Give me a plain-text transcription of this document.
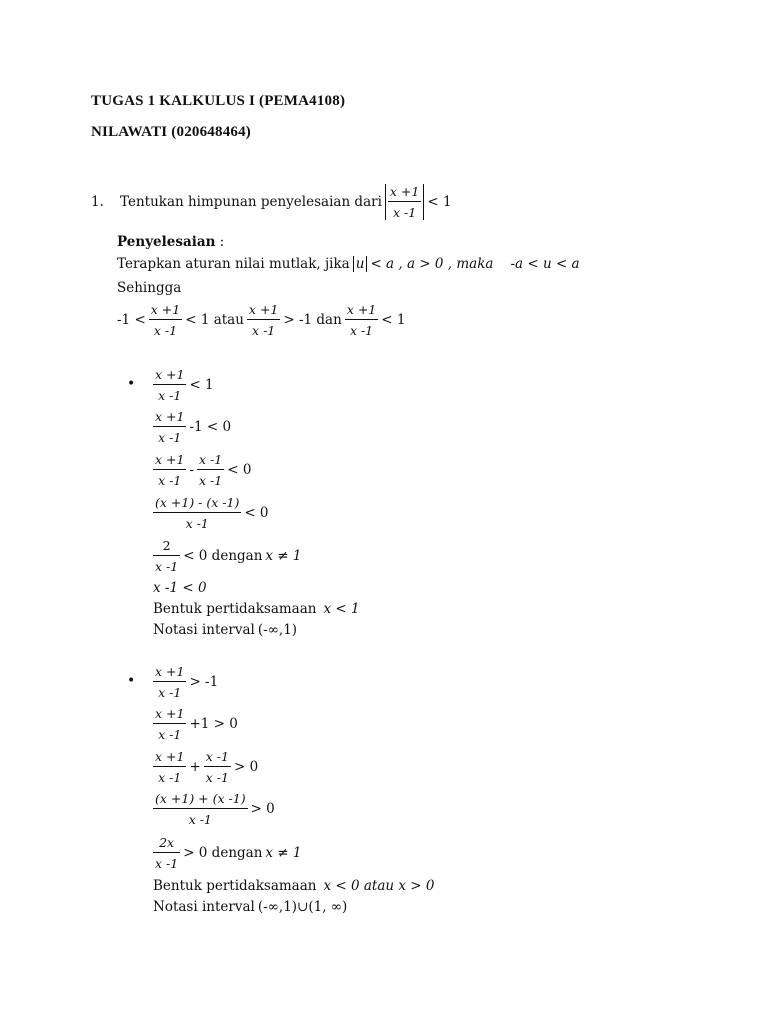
TUGAS 1 KALKULUS I (PEMA4108)
NILAWATI (020648464)
1.	Tentukan himpunan penyelesaian dari $\frac{x +1}{x -1} < 1$
Penyelesaian :
Terapkan aturan nilai mutlak, jika u < a , a > 0 , maka -a < u < a
Sehingga
$-1 < \frac{x +1}{x -1} < 1$ atau $\frac{x +1}{x -1} > -1$ dan $\frac{x +1}{x -1} < 1$
• $\frac{x +1}{x -1} < 1$
$\frac{x +1}{x -1} -1 < 0$
$\frac{x +1}{x -1} - \frac{x -1}{x -1} < 0$
$\frac{(x +1) - (x -1)}{x -1} < 0$
$\frac{2}{x -1} < 0$ dengan x ≠ 1
x -1 < 0
Bentuk pertidaksamaan x < 1
Notasi interval (-∞,1)
• $\frac{x +1}{x -1} > -1$
$\frac{x +1}{x -1} +1 > 0$
$\frac{x +1}{x -1} + \frac{x -1}{x -1} > 0$
$\frac{(x +1) + (x -1)}{x -1} > 0$
$\frac{2x}{x -1} > 0$ dengan x ≠ 1
Bentuk pertidaksamaan x < 0 atau x > 0
Notasi interval (-∞,1)∪(1, ∞)
